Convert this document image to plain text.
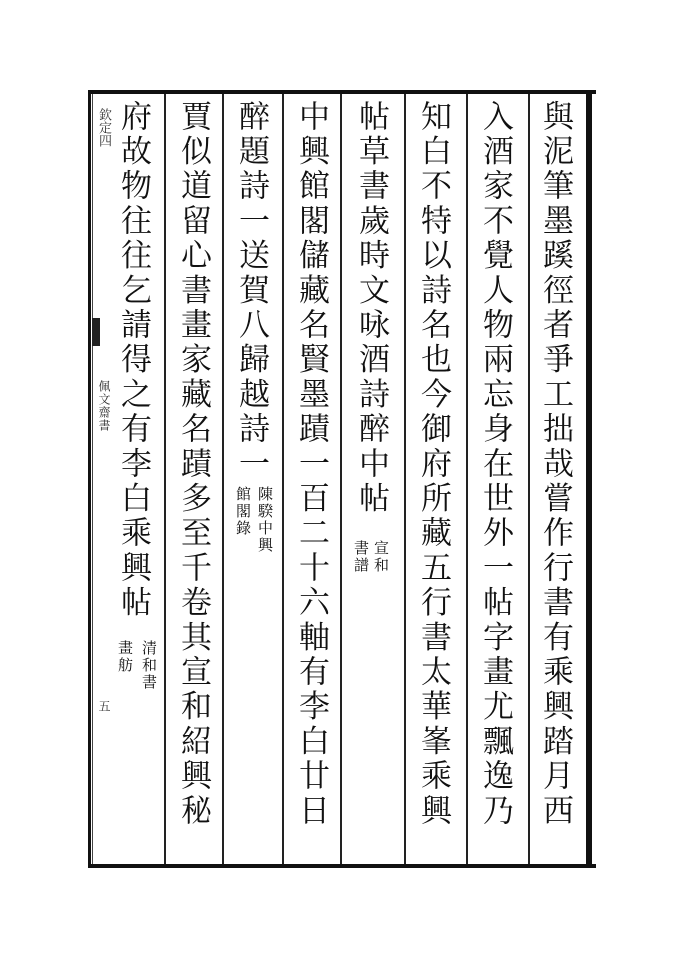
欽定四
佩文齋書
五	與泥筆墨蹊徑者爭工拙哉嘗作行書有乘興踏月西
入酒家不覺人物兩忘身在世外一帖字畫尤飄逸乃
知白不特以詩名也今御府所藏五行書太華峯乘興
帖草書歲時文咏酒詩醉中帖
宣和
書譜
中興館閣儲藏名賢墨蹟一百二十六軸有李白廿日
醉題詩一送賀八歸越詩一
陳騤中興
館閣錄
賈似道留心書畫家藏名蹟多至千卷其宣和紹興秘
府故物往往乞請得之有李白乘興帖
清和書
畫舫
